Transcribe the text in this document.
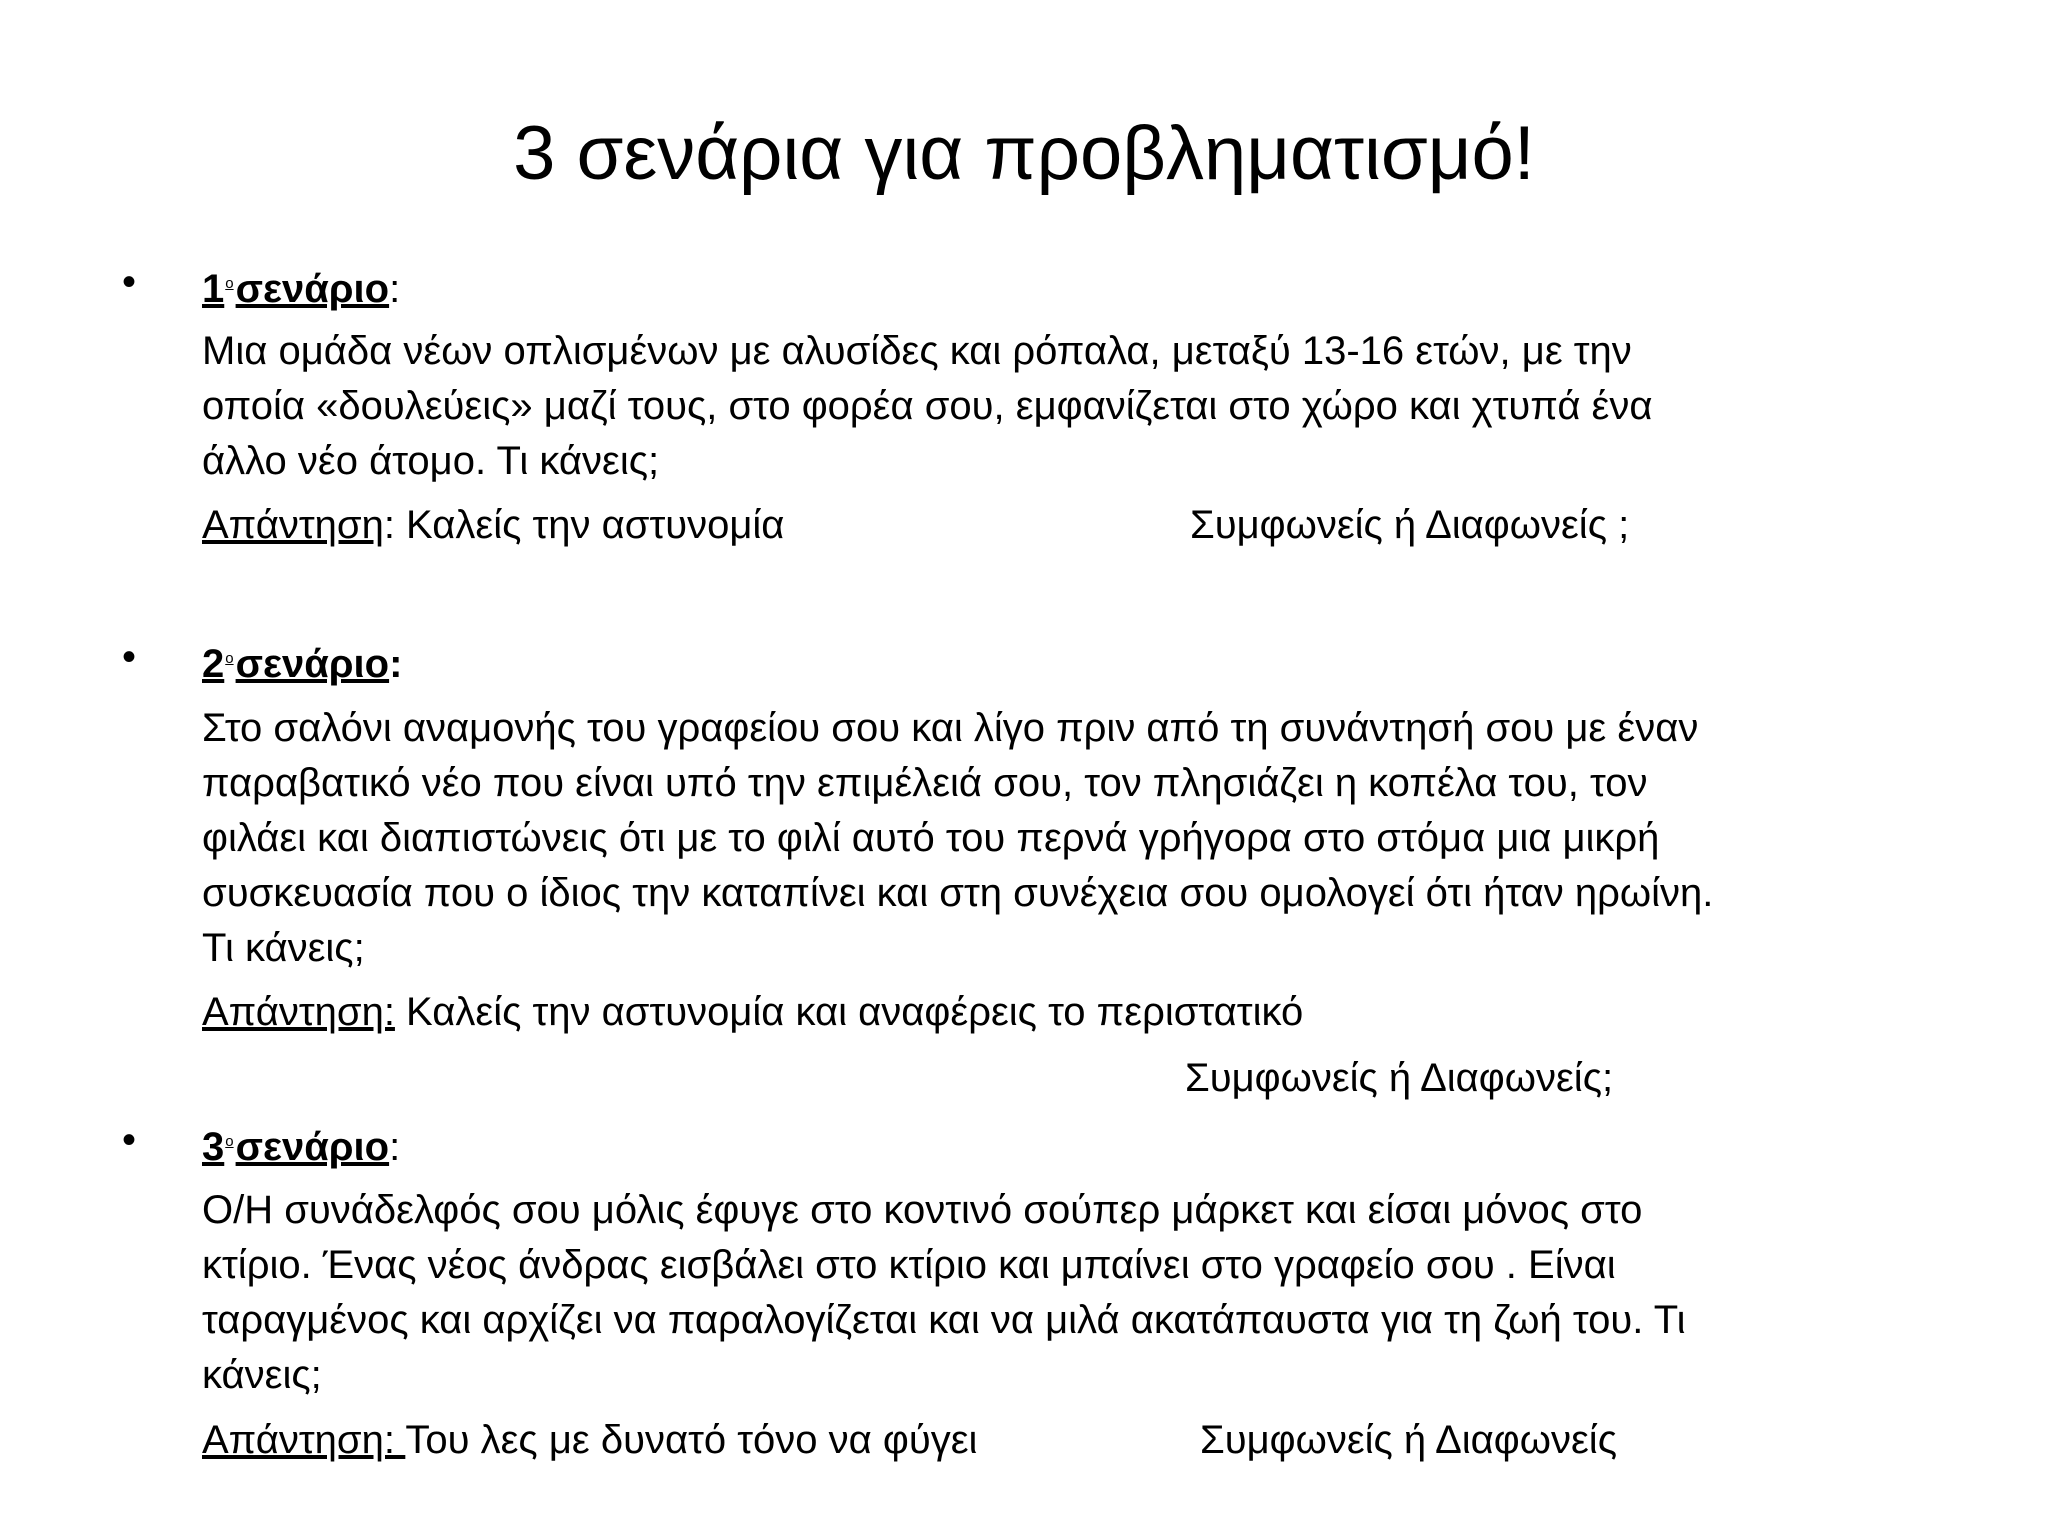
3 σενάρια για προβληματισμό!
• $1^o\sigma\varepsilon\nu ά\rho\iota o$:
Μια ομάδα νέων οπλισμένων με αλυσίδες και ρόπαλα, μεταξύ 13-16 ετών, με την
οποία «δουλεύεις» μαζί τους, στο φορέα σου, εμφανίζεται στο χώρο και χτυπά ένα
άλλο νέο άτομο. Τι κάνεις;
Απάντηση: Καλείς την αστυνομία	Συμφωνείς ή Διαφωνείς ;
• $2^o\sigma\varepsilon\nu ά\rho\iota o$:
Στο σαλόνι αναμονής του γραφείου σου και λίγο πριν από τη συνάντησή σου με έναν
παραβατικό νέο που είναι υπό την επιμέλειά σου, τον πλησιάζει η κοπέλα του, τον
φιλάει και διαπιστώνεις ότι με το φιλί αυτό του περνά γρήγορα στο στόμα μια μικρή
συσκευασία που ο ίδιος την καταπίνει και στη συνέχεια σου ομολογεί ότι ήταν ηρωίνη.
Τι κάνεις;
Απάντηση: Καλείς την αστυνομία και αναφέρεις το περιστατικό
Συμφωνείς ή Διαφωνείς;
• $3^o\sigma\varepsilon\nu ά\rho\iota o$:
Ο/Η συνάδελφός σου μόλις έφυγε στο κοντινό σούπερ μάρκετ και είσαι μόνος στο
κτίριο. Ένας νέος άνδρας εισβάλει στο κτίριο και μπαίνει στο γραφείο σου . Είναι
ταραγμένος και αρχίζει να παραλογίζεται και να μιλά ακατάπαυστα για τη ζωή του. Τι
κάνεις;
Απάντηση: Του λες με δυνατό τόνο να φύγει	Συμφωνείς ή Διαφωνείς
